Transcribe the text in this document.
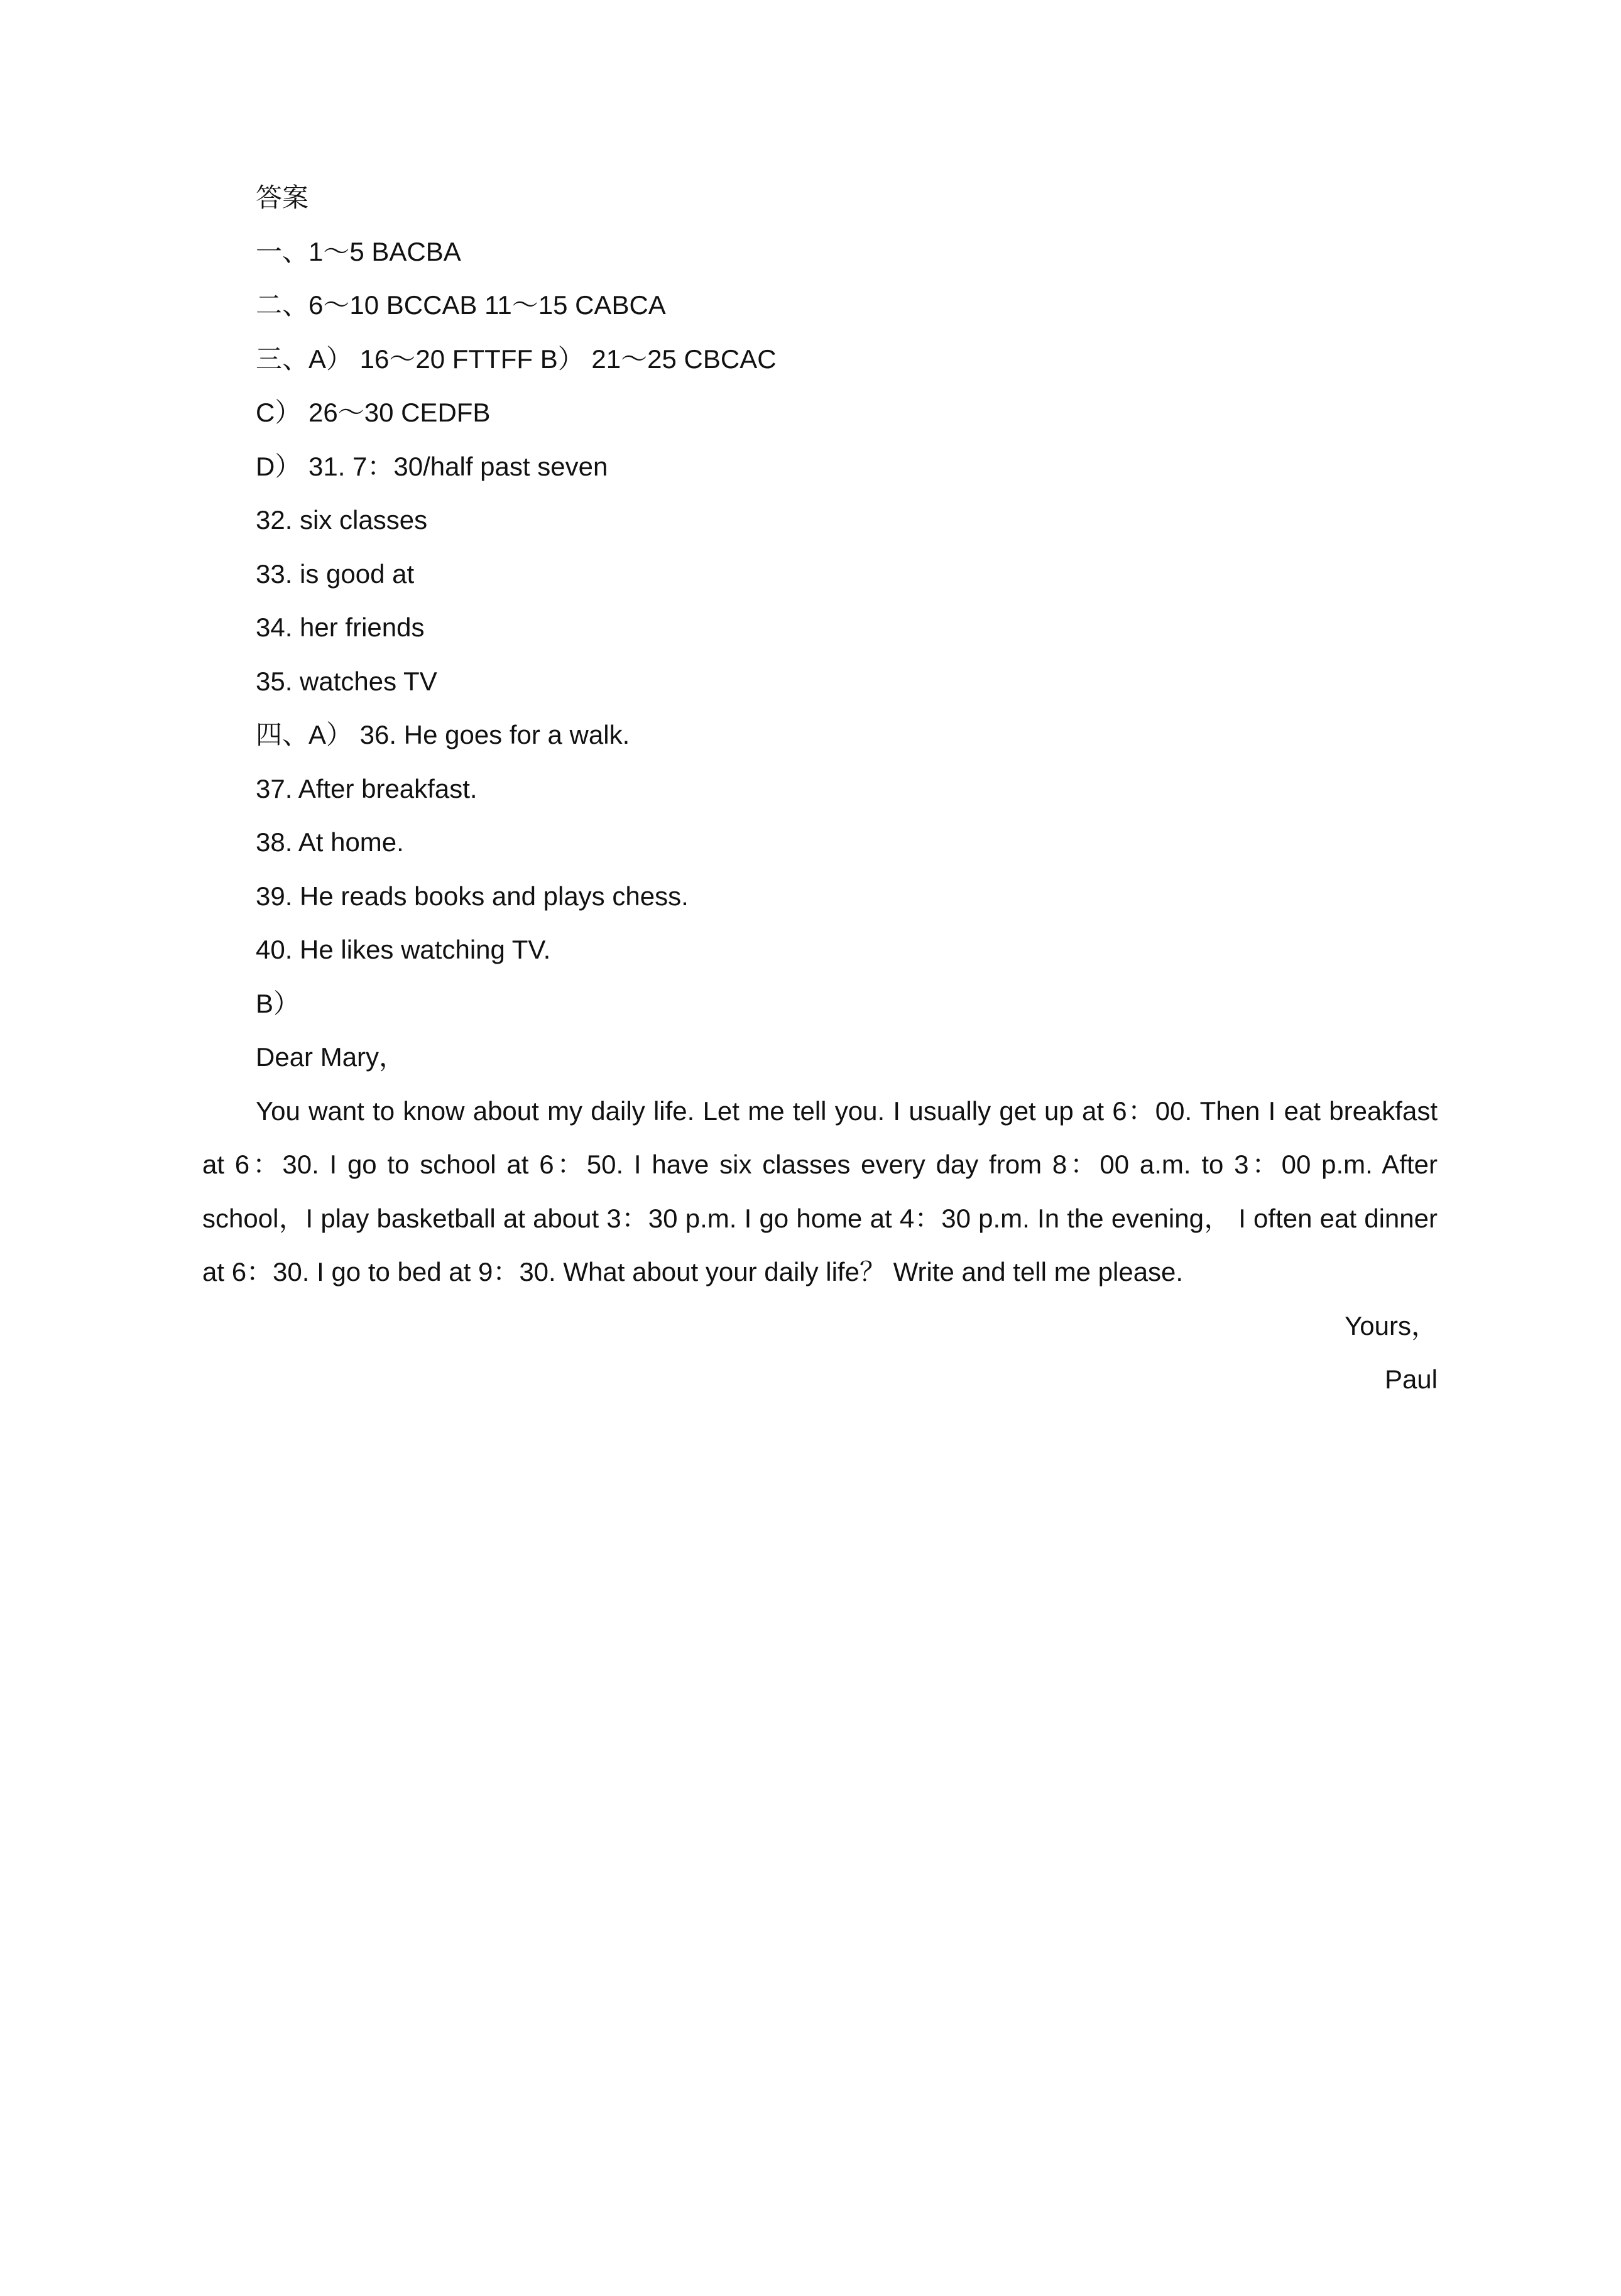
答案
一、1～5 BACBA
二、6～10 BCCAB 11～15 CABCA
三、A） 16～20 FTTFF B） 21～25 CBCAC
C） 26～30 CEDFB
D） 31. 7：30/half past seven
32. six classes
33. is good at
34. her friends
35. watches TV
四、A） 36. He goes for a walk.
37. After breakfast.
38. At home.
39. He reads books and plays chess.
40. He likes watching TV.
B）
Dear Mary，

You want to know about my daily life. Let me tell you. I usually get up at 6：00. Then I eat breakfast at 6：30. I go to school at 6：50. I have six classes every day from 8：00 a.m. to 3：00 p.m. After school，I play basketball at about 3：30 p.m. I go home at 4：30 p.m. In the evening， I often eat dinner at 6：30. I go to bed at 9：30. What about your daily life？ Write and tell me please.

Yours，
Paul
